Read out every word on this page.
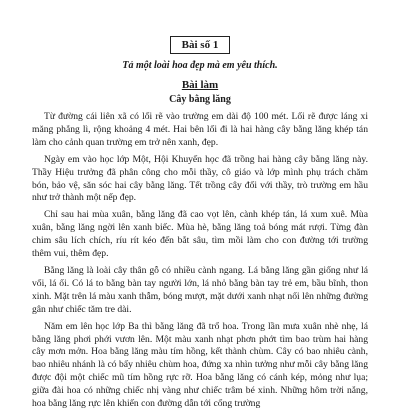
Bài số 1
Tả một loài hoa đẹp mà em yêu thích.
Bài làm
Cây bằng lăng

Từ đường cái liên xã có lối rẽ vào trường em dài độ 100 mét. Lối rẽ được láng xi măng phẳng lì, rộng khoảng 4 mét. Hai bên lối đi là hai hàng cây bằng lăng khép tán làm cho cảnh quan trường em trở nên xanh, đẹp.

Ngày em vào học lớp Một, Hội Khuyến học đã trồng hai hàng cây bằng lăng này. Thầy Hiệu trưởng đã phân công cho mỗi thầy, cô giáo và lớp mình phụ trách chăm bón, bảo vệ, săn sóc hai cây bằng lăng. Tết trồng cây đối với thầy, trò trường em hầu như trở thành một nếp đẹp.

Chỉ sau hai mùa xuân, bằng lăng đã cao vọt lên, cành khép tán, lá xum xuê. Mùa xuân, bằng lăng ngời lên xanh biếc. Mùa hè, bằng lăng toả bóng mát rượi. Từng đàn chim sâu lích chích, ríu rít kéo đến bắt sâu, tìm mồi làm cho con đường tới trường thêm vui, thêm đẹp.

Bằng lăng là loài cây thân gỗ có nhiều cành ngang. Lá bằng lăng gần giống như lá vối, lá ổi. Có lá to bằng bàn tay người lớn, lá nhỏ bằng bàn tay trẻ em, bầu bĩnh, thon xinh. Mặt trên lá màu xanh thẫm, bóng mượt, mặt dưới xanh nhạt nổi lên những đường gân như chiếc tăm tre dài.

Năm em lên học lớp Ba thì bằng lăng đã trổ hoa. Trong lần mưa xuân nhè nhẹ, lá bằng lăng phơi phới vươn lên. Một màu xanh nhạt phơn phớt tìm bao trùm hai hàng cây mơn mởn. Hoa bằng lăng màu tím hồng, kết thành chùm. Cây có bao nhiêu cành, bao nhiêu nhánh là có bấy nhiêu chùm hoa, đứng xa nhìn tưởng như mỗi cây bằng lăng được đội một chiếc mũ tím hồng rực rỡ. Hoa bằng lăng có cánh kép, mỏng như lụa; giữa đài hoa có những chiếc nhị vàng như chiếc trâm bé xinh. Những hôm trời nắng, hoa bằng lăng rực lên khiến con đường dẫn tới cổng trường
